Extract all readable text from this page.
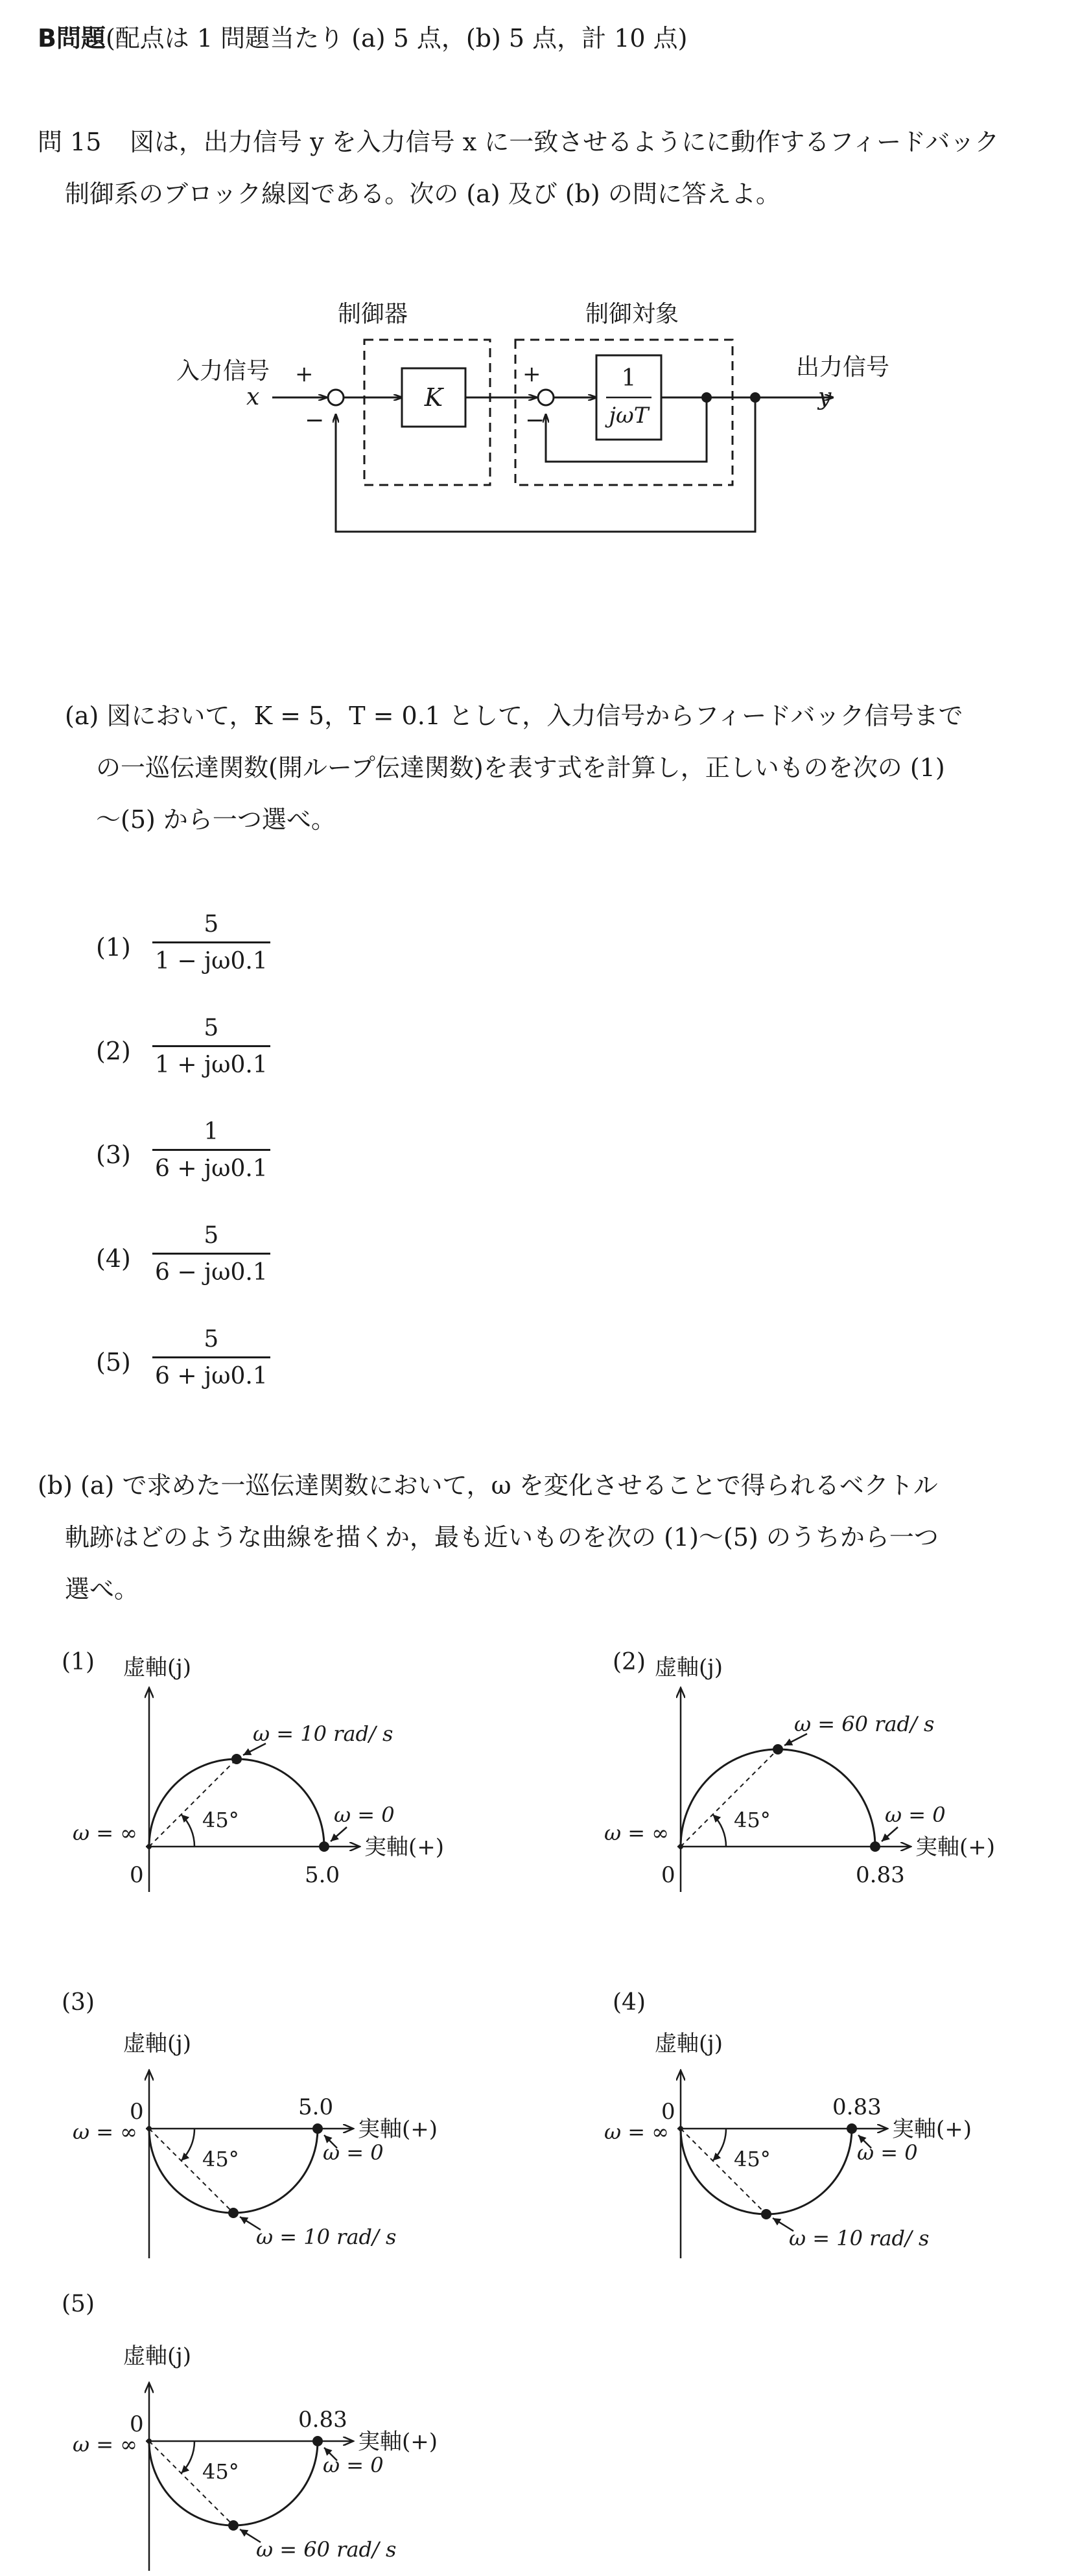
B問題(配点は 1 問題当たり (a) 5 点，(b) 5 点，計 10 点)
問 15 図は，出力信号 y を入力信号 x に一致させるようにに動作するフィードバック
制御系のブロック線図である。次の (a) 及び (b) の問に答えよ。
制御器	制御対象
入力信号
x
+
−
K
+
−
1
jωT
出力信号
y
(a) 図において，K = 5，T = 0.1 として，入力信号からフィードバック信号まで
の一巡伝達関数(開ループ伝達関数)を表す式を計算し，正しいものを次の (1)
〜(5) から一つ選べ。
(1)
5
1 − jω0.1
(2)
5
1 + jω0.1
(3)
1
6 + jω0.1
(4)
5
6 − jω0.1
(5)
5
6 + jω0.1
(b) (a) で求めた一巡伝達関数において，ω を変化させることで得られるベクトル
軌跡はどのような曲線を描くか，最も近いものを次の (1)〜(5) のうちから一つ
選べ。
(1) 虚軸(j)
0	5.0
実軸(+)
45°
ω = ∞
ω = 0
ω = 10 rad/ s
(2) 虚軸(j)
0	0.83
実軸(+)
45°
ω = ∞
ω = 0
ω = 60 rad/ s
(3)
虚軸(j)
0	5.0
実軸(+)
45°
ω = ∞
ω = 0
ω = 10 rad/ s
(4)
虚軸(j)
0	0.83
実軸(+)
45°
ω = ∞
ω = 0
ω = 10 rad/ s
(5)
虚軸(j)
0	0.83
実軸(+)
45°
ω = ∞
ω = 0
ω = 60 rad/ s
